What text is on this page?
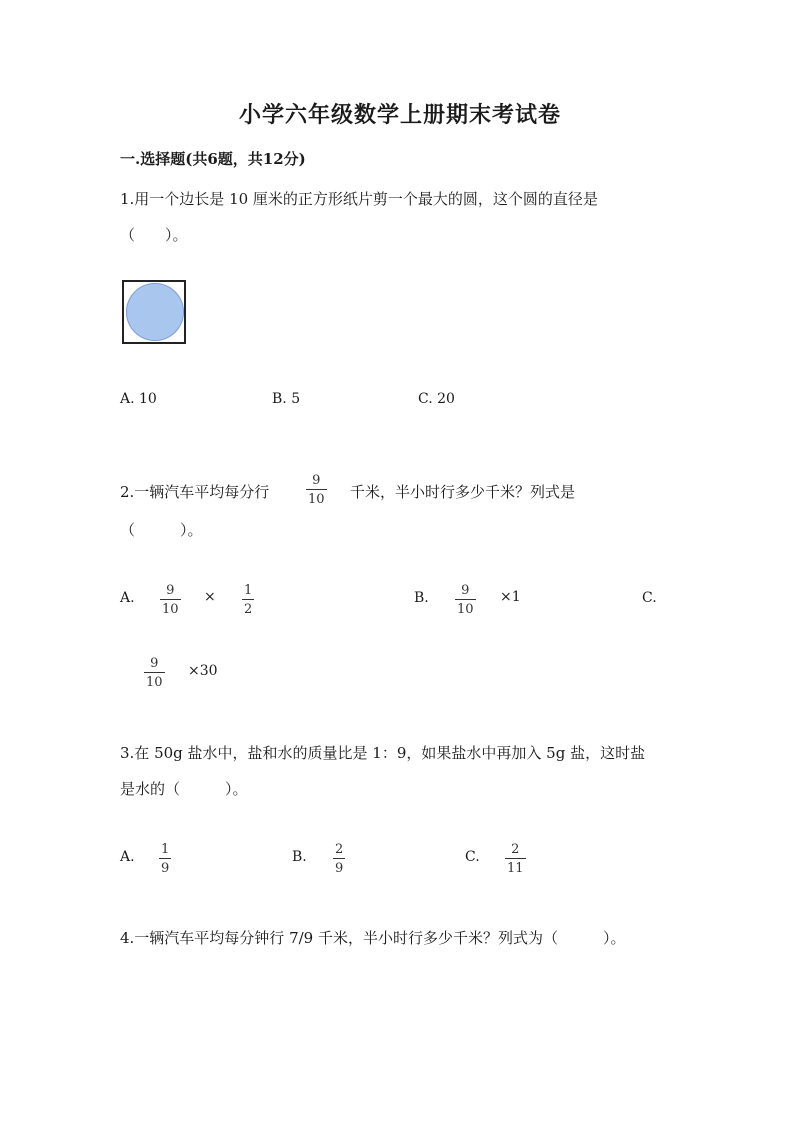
小学六年级数学上册期末考试卷
一.选择题(共6题，共12分)
1.用一个边长是 10 厘米的正方形纸片剪一个最大的圆，这个圆的直径是
（　　）。
A. 10	B. 5	C. 20
2.一辆汽车平均每分行
9
10 千米，半小时行多少千米？列式是
（　　　）。
A. 9
10
× 1
2
B. 9
10
×1	C.
9
10
×30
3.在 50g 盐水中，盐和水的质量比是 1：9，如果盐水中再加入 5g 盐，这时盐
是水的（　　　）。
A. 1
9
B. 2
9
C. 2
11
4.一辆汽车平均每分钟行 7/9 千米，半小时行多少千米？列式为（　　　）。
